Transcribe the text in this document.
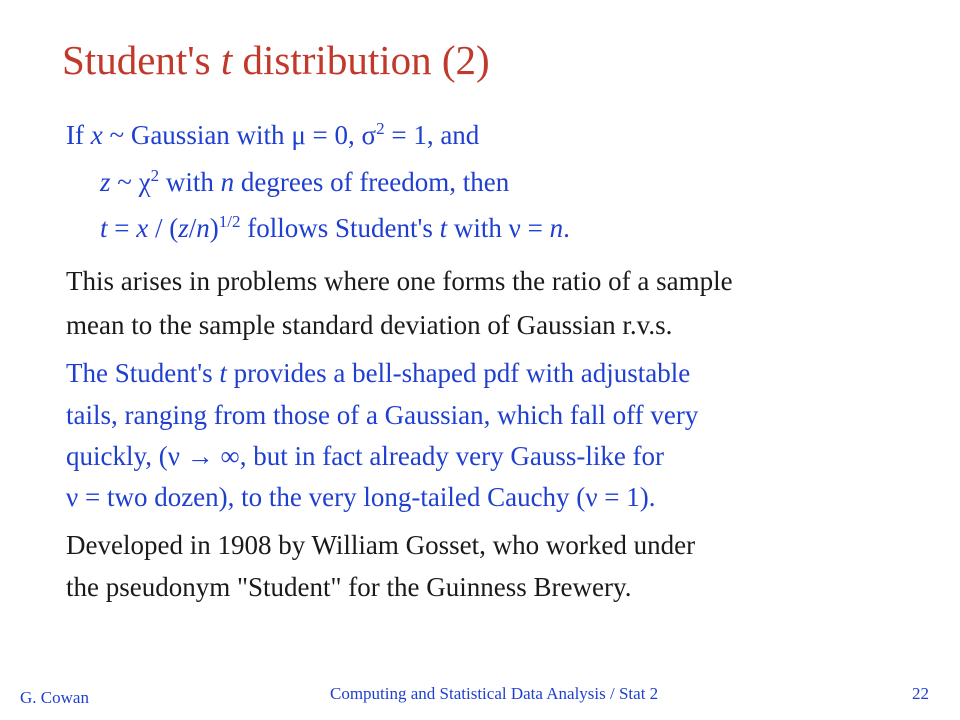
Student's t distribution (2)
If x ~ Gaussian with μ = 0, $\sigma^2 = 1$, and
z ~ $\chi^2$ with n degrees of freedom, then
$t = x / (z/n)^{1/2}$ follows Student's t with ν = n.
This arises in problems where one forms the ratio of a sample
mean to the sample standard deviation of Gaussian r.v.s.
The Student's t provides a bell-shaped pdf with adjustable
tails, ranging from those of a Gaussian, which fall off very
quickly, (ν → ∞, but in fact already very Gauss-like for
ν = two dozen), to the very long-tailed Cauchy (ν = 1).
Developed in 1908 by William Gosset, who worked under
the pseudonym "Student" for the Guinness Brewery.
G. Cowan	Computing and Statistical Data Analysis / Stat 2	22
